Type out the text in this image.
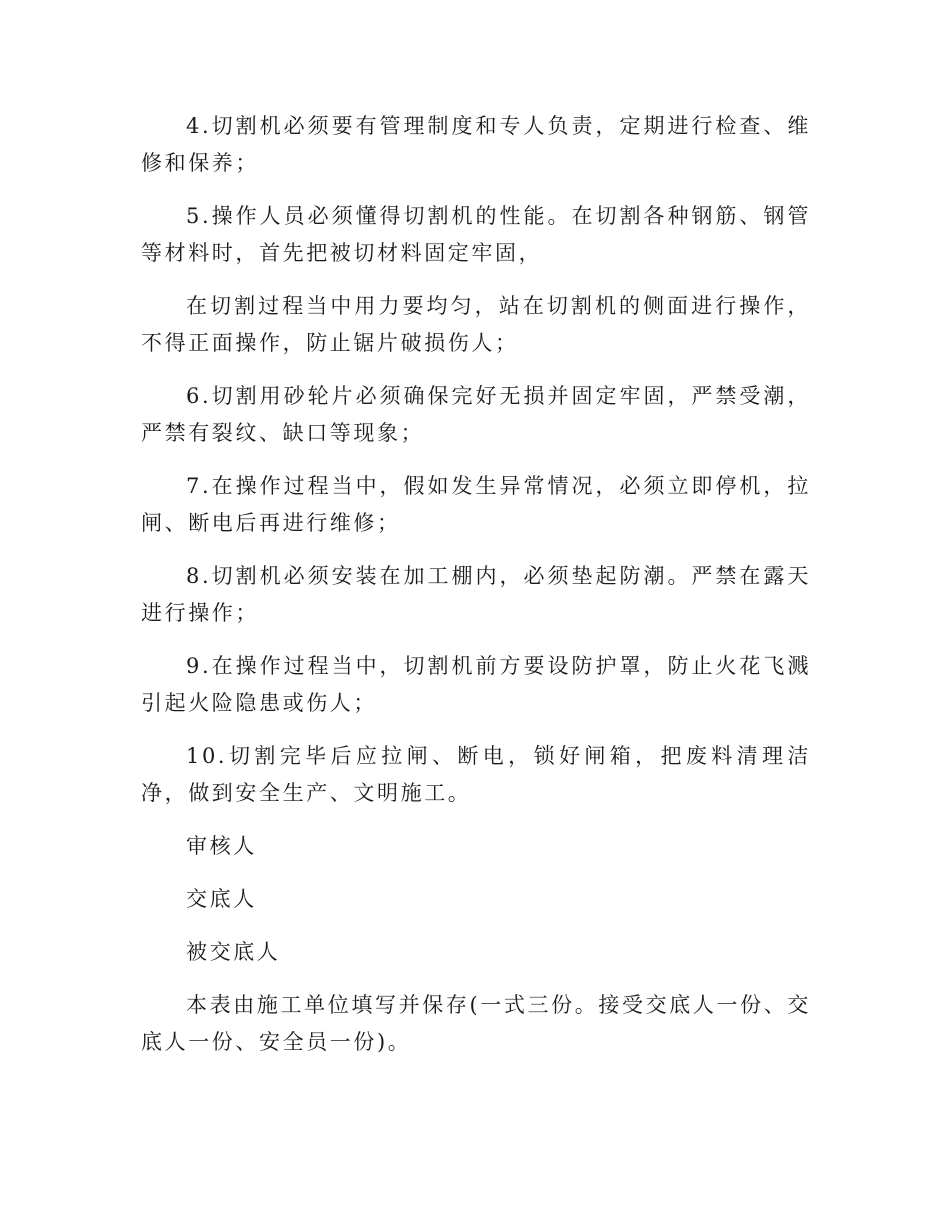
4.切割机必须要有管理制度和专人负责，定期进行检查、维修和保养；

5.操作人员必须懂得切割机的性能。在切割各种钢筋、钢管等材料时，首先把被切材料固定牢固，

在切割过程当中用力要均匀，站在切割机的侧面进行操作，不得正面操作，防止锯片破损伤人；

6.切割用砂轮片必须确保完好无损并固定牢固，严禁受潮，严禁有裂纹、缺口等现象；

7.在操作过程当中，假如发生异常情况，必须立即停机，拉闸、断电后再进行维修；

8.切割机必须安装在加工棚内，必须垫起防潮。严禁在露天进行操作；

9.在操作过程当中，切割机前方要设防护罩，防止火花飞溅引起火险隐患或伤人；

10.切割完毕后应拉闸、断电，锁好闸箱，把废料清理洁净，做到安全生产、文明施工。

审核人

交底人

被交底人

本表由施工单位填写并保存(一式三份。接受交底人一份、交底人一份、安全员一份)。
